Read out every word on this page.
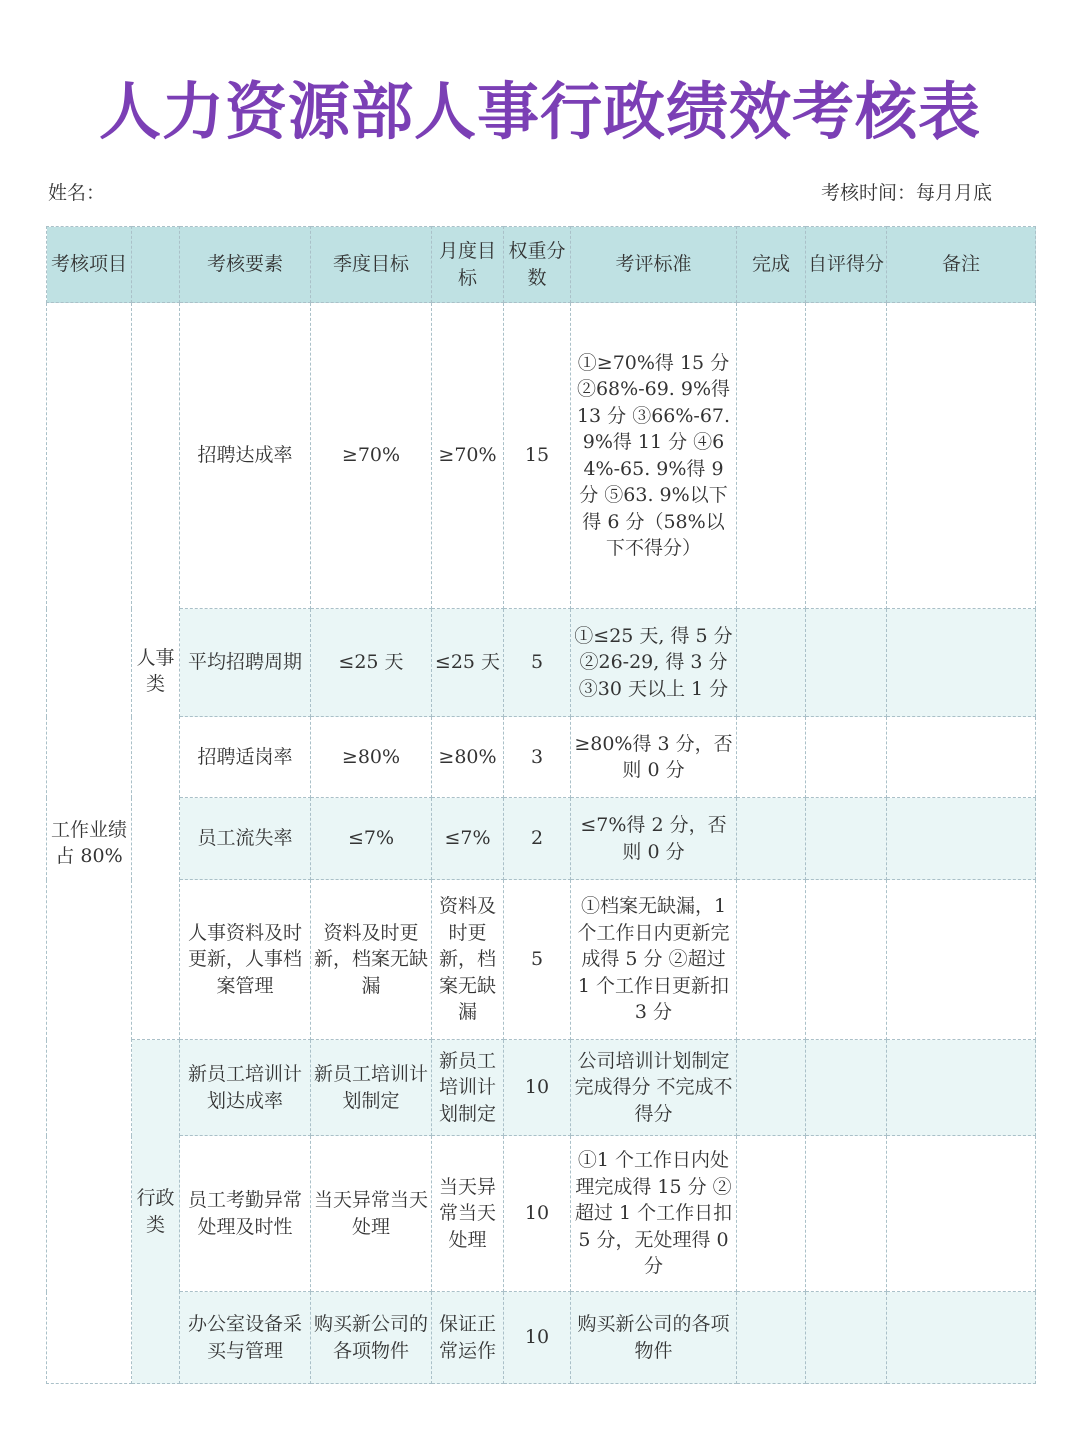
人力资源部人事行政绩效考核表
姓名：	考核时间：每月月底
考核项目		考核要素	季度目标	月度目标	权重分数	考评标准	完成	自评得分	备注
工作业绩占 80%	人事类	招聘达成率	≥70%	≥70%	15	①≥70%得 15 分 ②68%-69. 9%得 13 分 ③66%-67. 9%得 11 分 ④64%-65. 9%得 9 分 ⑤63. 9%以下得 6 分（58%以下不得分）			
		平均招聘周期	≤25 天	≤25 天	5	①≤25 天, 得 5 分 ②26-29, 得 3 分 ③30 天以上 1 分			
		招聘适岗率	≥80%	≥80%	3	≥80%得 3 分，否则 0 分			
		员工流失率	≤7%	≤7%	2	≤7%得 2 分，否则 0 分			
		人事资料及时更新，人事档案管理	资料及时更新，档案无缺漏	资料及时更新，档案无缺漏	5	①档案无缺漏，1 个工作日内更新完成得 5 分 ②超过 1 个工作日更新扣 3 分			
	行政类	新员工培训计划达成率	新员工培训计划制定	新员工培训计划制定	10	公司培训计划制定完成得分 不完成不得分			
		员工考勤异常处理及时性	当天异常当天处理	当天异常当天处理	10	①1 个工作日内处理完成得 15 分 ②超过 1 个工作日扣 5 分，无处理得 0 分			
		办公室设备采买与管理	购买新公司的各项物件	保证正常运作	10	购买新公司的各项物件			
